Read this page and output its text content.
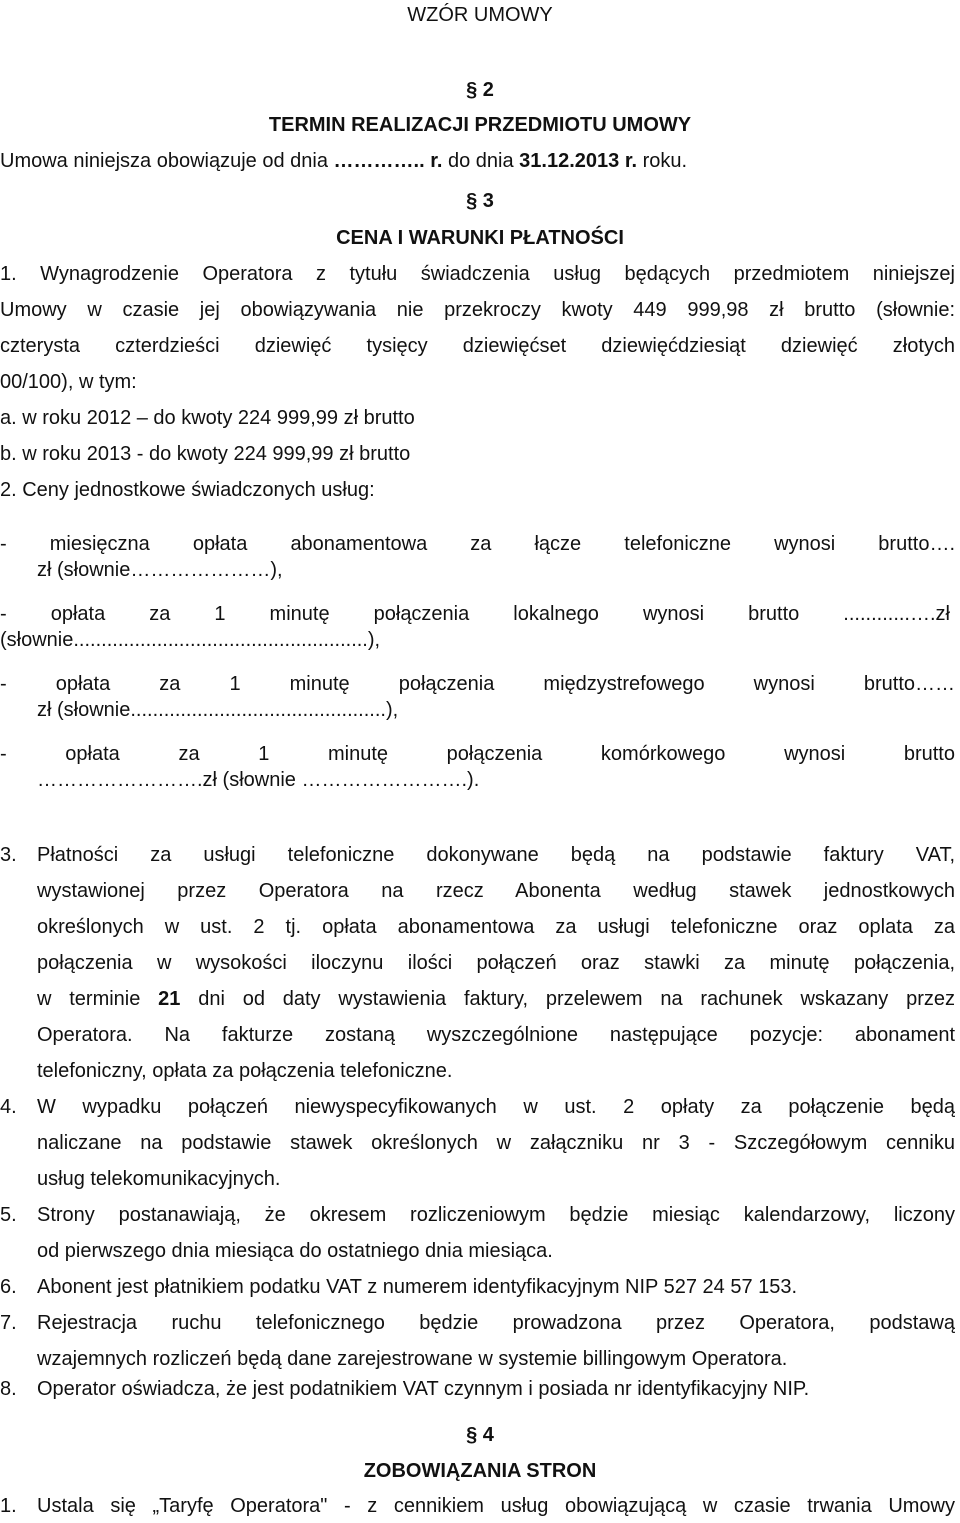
WZÓR UMOWY
§ 2
TERMIN REALIZACJI PRZEDMIOTU UMOWY
Umowa niniejsza obowiązuje od dnia ………….. r. do dnia 31.12.2013 r. roku.
§ 3
CENA I WARUNKI PŁATNOŚCI
1. Wynagrodzenie Operatora z tytułu świadczenia usług będących przedmiotem niniejszej
Umowy w czasie jej obowiązywania nie przekroczy kwoty 449 999,98 zł brutto (słownie:
czterysta czterdzieści dziewięć tysięcy dziewięćset dziewięćdziesiąt dziewięć złotych
00/100), w tym:
a. w roku 2012 – do kwoty 224 999,99 zł brutto
b. w roku 2013 - do kwoty 224 999,99 zł brutto
2. Ceny jednostkowe świadczonych usług:
- miesięczna opłata abonamentowa za łącze telefoniczne wynosi brutto….
zł (słownie…………………),
- opłata za 1 minutę połączenia lokalnego wynosi brutto ............….zł
(słownie.....................................................),
- opłata za 1 minutę połączenia międzystrefowego wynosi brutto……
zł (słownie..............................................),
- opłata za 1 minutę połączenia komórkowego wynosi brutto
…………………….zł (słownie …………………….).
3. Płatności za usługi telefoniczne dokonywane będą na podstawie faktury VAT,
wystawionej przez Operatora na rzecz Abonenta według stawek jednostkowych
określonych w ust. 2 tj. opłata abonamentowa za usługi telefoniczne oraz oplata za
połączenia w wysokości iloczynu ilości połączeń oraz stawki za minutę połączenia,
w terminie 21 dni od daty wystawienia faktury, przelewem na rachunek wskazany przez
Operatora. Na fakturze zostaną wyszczególnione następujące pozycje: abonament
telefoniczny, opłata za połączenia telefoniczne.
4. W wypadku połączeń niewyspecyfikowanych w ust. 2 opłaty za połączenie będą
naliczane na podstawie stawek określonych w załączniku nr 3 - Szczegółowym cenniku
usług telekomunikacyjnych.
5. Strony postanawiają, że okresem rozliczeniowym będzie miesiąc kalendarzowy, liczony
od pierwszego dnia miesiąca do ostatniego dnia miesiąca.
6. Abonent jest płatnikiem podatku VAT z numerem identyfikacyjnym NIP 527 24 57 153.
7. Rejestracja ruchu telefonicznego będzie prowadzona przez Operatora, podstawą
wzajemnych rozliczeń będą dane zarejestrowane w systemie billingowym Operatora.
8. Operator oświadcza, że jest podatnikiem VAT czynnym i posiada nr identyfikacyjny NIP.
§ 4
ZOBOWIĄZANIA STRON
1. Ustala się „Taryfę Operatora" - z cennikiem usług obowiązującą w czasie trwania Umowy
